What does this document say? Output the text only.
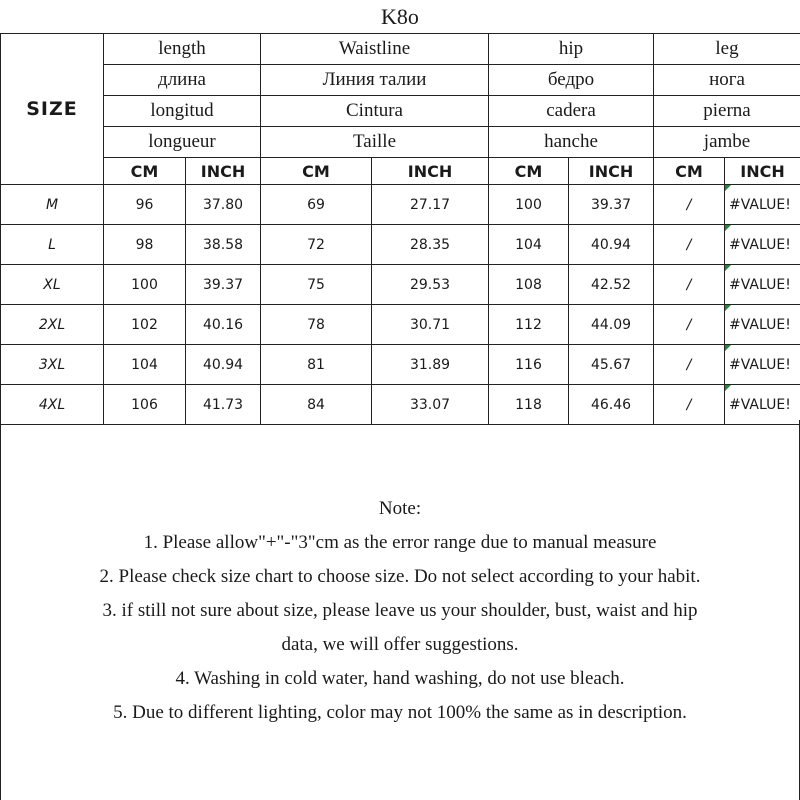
K8o
SIZE	length		Waistline		hip		leg	
	длина		Линия талии		бедро		нога	
	longitud		Cintura		cadera		pierna	
	longueur		Taille		hanche		jambe	
	CM	INCH	CM	INCH	CM	INCH	CM	INCH
M	96	37.80	69	27.17	100	39.37	/	#VALUE!
L	98	38.58	72	28.35	104	40.94	/	#VALUE!
XL	100	39.37	75	29.53	108	42.52	/	#VALUE!
2XL	102	40.16	78	30.71	112	44.09	/	#VALUE!
3XL	104	40.94	81	31.89	116	45.67	/	#VALUE!
4XL	106	41.73	84	33.07	118	46.46	/	#VALUE!
Note:
1. Please allow"+"-"3"cm as the error range due to manual measure
2. Please check size chart to choose size. Do not select according to your habit.
3. if still not sure about size, please leave us your shoulder, bust, waist and hip
data, we will offer suggestions.
4. Washing in cold water, hand washing, do not use bleach.
5. Due to different lighting, color may not 100% the same as in description.
